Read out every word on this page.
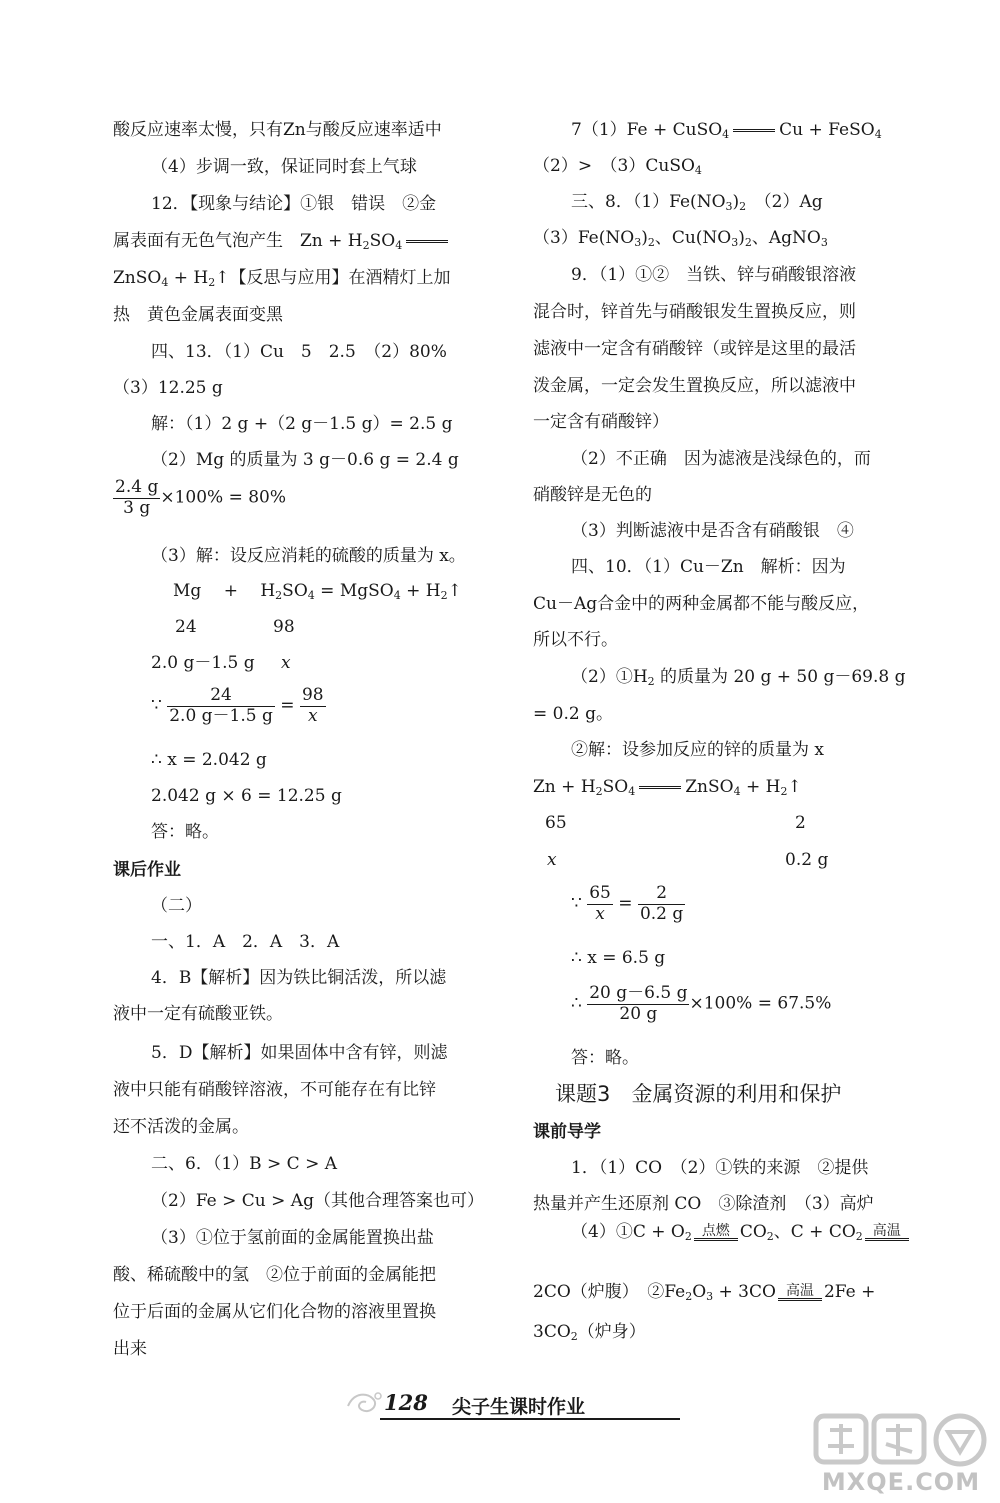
酸反应速率太慢，只有Zn与酸反应速率适中
（4）步调一致，保证同时套上气球
12．【现象与结论】①银　错误　②金
属表面有无色气泡产生　$Zn + H_2SO_4$
ZnSO$_4$ + $H_2↑$【反思与应用】在酒精灯上加
热　黄色金属表面变黑
四、13．（1）Cu　5　2.5　（2）80%
（3）12.25 g
解：（1）2 g +（2 g－1.5 g）= 2.5 g
（2）Mg 的质量为 3 g－0.6 g = 2.4 g
$\frac{2.4 g}{3 g} \times 100\% = 80\%$
（3）解：设反应消耗的硫酸的质量为 x。
Mg　 + 　$H_2SO_4$ = MgSO$_4$ + $H_2↑$
24	98
2.0 g－1.5 g x
∵ $\frac{24}{2.0 g-1.5 g} = \frac{98}{x}$
∴ x = 2.042 g
2.042 g × 6 = 12.25 g
答：略。
课后作业
（二）
一、1．A　2．A　3．A
4．B【解析】因为铁比铜活泼，所以滤
液中一定有硫酸亚铁。
5．D【解析】如果固体中含有锌，则滤
液中只能有硝酸锌溶液，不可能存在有比锌
还不活泼的金属。
二、6．（1）B > C > A
（2）Fe > Cu > Ag（其他合理答案也可）
（3）①位于氢前面的金属能置换出盐
酸、稀硫酸中的氢　②位于前面的金属能把
位于后面的金属从它们化合物的溶液里置换
出来
7（1）Fe + CuSO$_4$	Cu + FeSO$_4$
（2）>　（3）CuSO$_4$
三、8．$(1)Fe(NO_3)_2$　 （2）Ag
$(3)Fe(NO_3)_2$、$Cu(NO_3)_2$、AgNO$_3$
9．（1）①②　当铁、锌与硝酸银溶液
混合时，锌首先与硝酸银发生置换反应，则
滤液中一定含有硝酸锌（或锌是这里的最活
泼金属，一定会发生置换反应，所以滤液中
一定含有硝酸锌）
（2）不正确　因为滤液是浅绿色的，而
硝酸锌是无色的
（3）判断滤液中是否含有硝酸银　④
四、10．（1）Cu－Zn　解析：因为
Cu－Ag合金中的两种金属都不能与酸反应，
所以不行。
$(2)①H_2$ 的质量为 20 g + 50 g－69.8 g
= 0.2 g。
②解：设参加反应的锌的质量为 x
$Zn + H_2SO_4$	ZnSO$_4$ + $H_2↑$
65	2
x	0.2 g
∵ $\frac{65}{x} = \frac{2}{0.2 g}$
∴ x = 6.5 g
∴ $\frac{20 g-6.5 g}{20 g} \times 100\% = 67.5\%$
答：略。
课题3　金属资源的利用和保护
课前导学
1．（1）CO　（2）①铁的来源　②提供
热量并产生还原剂 CO　③除渣剂　（3）高炉
（4）①C + $O_2$ 点燃 $CO_2$、$C + CO_2$ 高温
2CO（炉腹）　$②Fe_2O_3 + 3CO$ 高温 2Fe +
$3CO_2$（炉身）
128 尖子生课时作业
MXQE.COM
